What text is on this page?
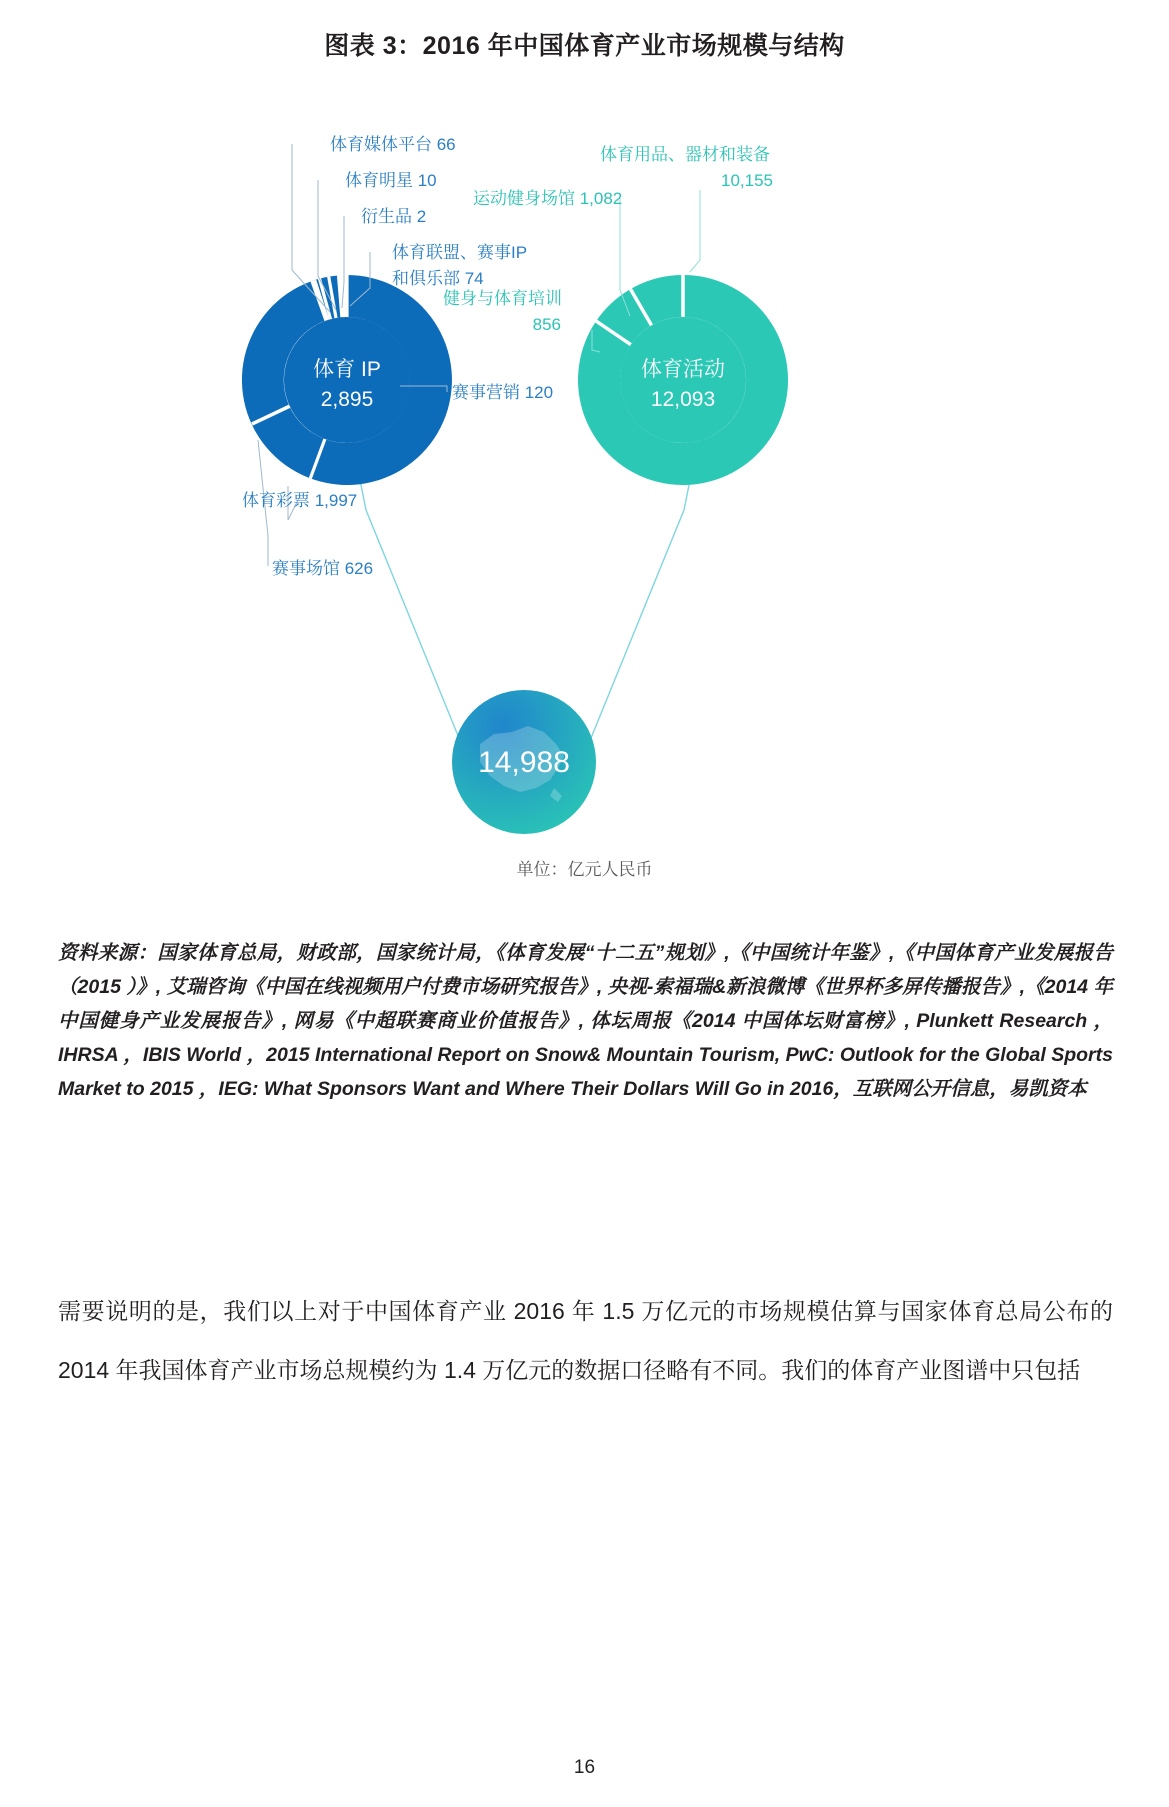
图表 3：2016 年中国体育产业市场规模与结构
体育 IP
2,895
体育活动
12,093
体育媒体平台 66
体育明星 10
衍生品 2
体育联盟、赛事IP
和俱乐部 74
赛事营销 120
体育彩票 1,997
赛事场馆 626
体育用品、器材和装备
10,155
运动健身场馆 1,082
健身与体育培训
856
14,988
单位：亿元人民币
资料来源：国家体育总局，财政部，国家统计局，《体育发展“十二五”规划》,《中国统计年鉴》,《中国体育产业发展报告（2015 ）》, 艾瑞咨询《中国在线视频用户付费市场研究报告》, 央视-索福瑞&新浪微博《世界杯多屏传播报告》,《2014 年中国健身产业发展报告》, 网易《中超联赛商业价值报告》, 体坛周报《2014 中国体坛财富榜》, Plunkett Research ，IHRSA ，IBIS World ，2015 International Report on Snow& Mountain Tourism, PwC: Outlook for the Global Sports Market to 2015 ，IEG: What Sponsors Want and Where Their Dollars Will Go in 2016，互联网公开信息，易凯资本
需要说明的是，我们以上对于中国体育产业 2016 年 1.5 万亿元的市场规模估算与国家体育总局公布的 2014 年我国体育产业市场总规模约为 1.4 万亿元的数据口径略有不同。我们的体育产业图谱中只包括
16
